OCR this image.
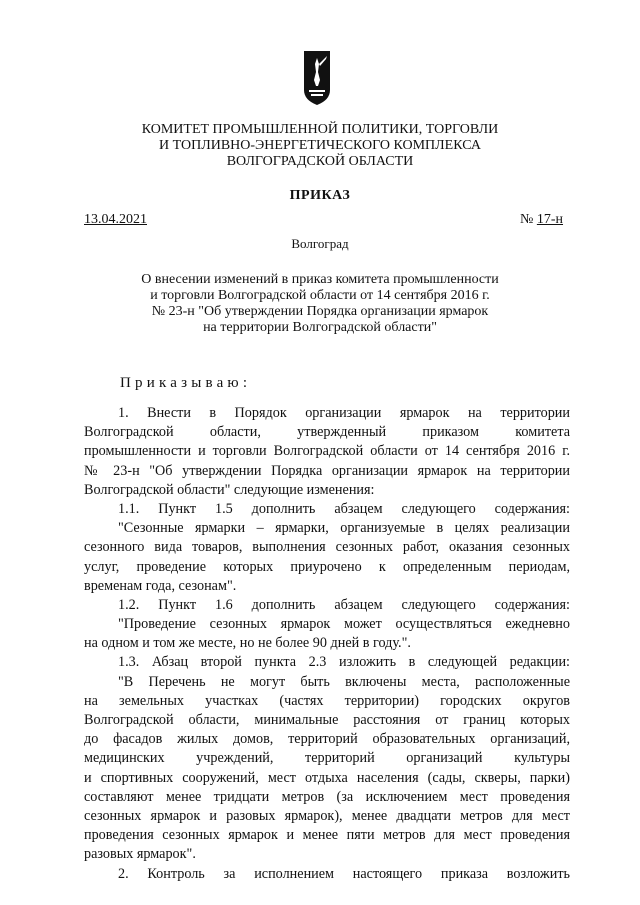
КОМИТЕТ ПРОМЫШЛЕННОЙ ПОЛИТИКИ, ТОРГОВЛИ
И ТОПЛИВНО-ЭНЕРГЕТИЧЕСКОГО КОМПЛЕКСА
ВОЛГОГРАДСКОЙ ОБЛАСТИ
ПРИКАЗ
13.04.2021	№ 17-н
Волгоград
О внесении изменений в приказ комитета промышленности
и торговли Волгоградской области от 14 сентября 2016 г.
№ 23-н "Об утверждении Порядка организации ярмарок
на территории Волгоградской области"
Приказываю:
1. Внести в Порядок организации ярмарок на территории
Волгоградской области, утвержденный приказом комитета
промышленности и торговли Волгоградской области от 14 сентября 2016 г.
№ 23-н "Об утверждении Порядка организации ярмарок на территории
Волгоградской области" следующие изменения:
1.1. Пункт 1.5 дополнить абзацем следующего содержания:
"Сезонные ярмарки – ярмарки, организуемые в целях реализации
сезонного вида товаров, выполнения сезонных работ, оказания сезонных
услуг, проведение которых приурочено к определенным периодам,
временам года, сезонам".
1.2. Пункт 1.6 дополнить абзацем следующего содержания:
"Проведение сезонных ярмарок может осуществляться ежедневно
на одном и том же месте, но не более 90 дней в году.".
1.3. Абзац второй пункта 2.3 изложить в следующей редакции:
"В Перечень не могут быть включены места, расположенные
на земельных участках (частях территории) городских округов
Волгоградской области, минимальные расстояния от границ которых
до фасадов жилых домов, территорий образовательных организаций,
медицинских учреждений, территорий организаций культуры
и спортивных сооружений, мест отдыха населения (сады, скверы, парки)
составляют менее тридцати метров (за исключением мест проведения
сезонных ярмарок и разовых ярмарок), менее двадцати метров для мест
проведения сезонных ярмарок и менее пяти метров для мест проведения
разовых ярмарок".
2. Контроль за исполнением настоящего приказа возложить
